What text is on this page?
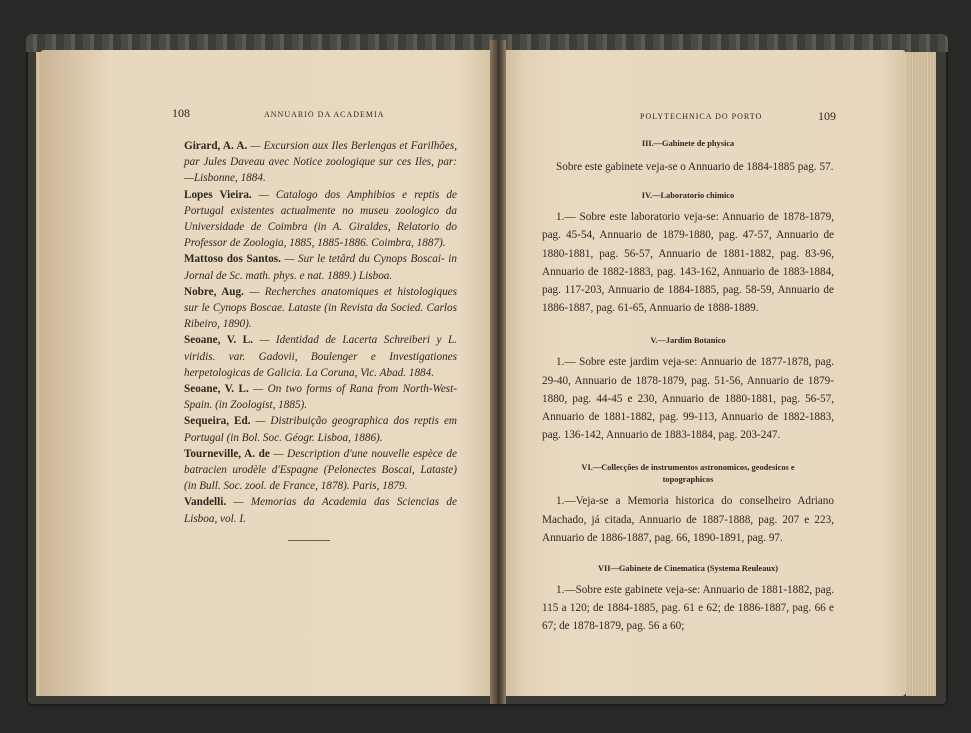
108	ANNUARIO DA ACADEMIA

Girard, A. A. — Excursion aux Iles Berlengas et Farilhões, par Jules Daveau avec Notice zoologique sur ces Iles, par:—Lisbonne, 1884.

Lopes Vieira. — Catalogo dos Amphibios e reptis de Portugal existentes actualmente no museu zoologico da Universidade de Coimbra (in A. Giraldes, Relatorio do Professor de Zoologia, 1885, 1885-1886. Coimbra, 1887).

Mattoso dos Santos. — Sur le tetârd du Cynops Boscai- in Jornal de Sc. math. phys. e nat. 1889.) Lisboa.

Nobre, Aug. — Recherches anatomiques et histologiques sur le Cynops Boscae. Lataste (in Revista da Socied. Carlos Ribeiro, 1890).

Seoane, V. L. — Identidad de Lacerta Schreiberi y L. viridis. var. Gadovii, Boulenger e Investigationes herpetologicas de Galicia. La Coruna, Vic. Abad. 1884.

Seoane, V. L. — On two forms of Rana from North-West-Spain. (in Zoologist, 1885).

Sequeira, Ed. — Distribuição geographica dos reptis em Portugal (in Bol. Soc. Géogr. Lisboa, 1886).

Tourneville, A. de — Description d'une nouvelle espèce de batracien urodèle d'Espagne (Pelonectes Boscai, Lataste) (in Bull. Soc. zool. de France, 1878). Paris, 1879.

Vandelli. — Memorias da Academia das Sciencias de Lisboa, vol. I.

POLYTECHNICA DO PORTO	109

III.—Gabinete de physica

Sobre este gabinete veja-se o Annuario de 1884-1885 pag. 57.

IV.—Laboratorio chimico

1.— Sobre este laboratorio veja-se: Annuario de 1878-1879, pag. 45-54, Annuario de 1879-1880, pag. 47-57, Annuario de 1880-1881, pag. 56-57, Annuario de 1881-1882, pag. 83-96, Annuario de 1882-1883, pag. 143-162, Annuario de 1883-1884, pag. 117-203, Annuario de 1884-1885, pag. 58-59, Annuario de 1886-1887, pag. 61-65, Annuario de 1888-1889.

V.—Jardim Botanico

1.— Sobre este jardim veja-se: Annuario de 1877-1878, pag. 29-40, Annuario de 1878-1879, pag. 51-56, Annuario de 1879-1880, pag. 44-45 e 230, Annuario de 1880-1881, pag. 56-57, Annuario de 1881-1882, pag. 99-113, Annuario de 1882-1883, pag. 136-142, Annuario de 1883-1884, pag. 203-247.

VI.—Collecções de instrumentos astronomicos, geodesicos e topographicos

1.—Veja-se a Memoria historica do conselheiro Adriano Machado, já citada, Annuario de 1887-1888, pag. 207 e 223, Annuario de 1886-1887, pag. 66, 1890-1891, pag. 97.

VII—Gabinete de Cinematica (Systema Reuleaux)

1.—Sobre este gabinete veja-se: Annuario de 1881-1882, pag. 115 a 120; de 1884-1885, pag. 61 e 62; de 1886-1887, pag. 66 e 67; de 1878-1879, pag. 56 a 60;
